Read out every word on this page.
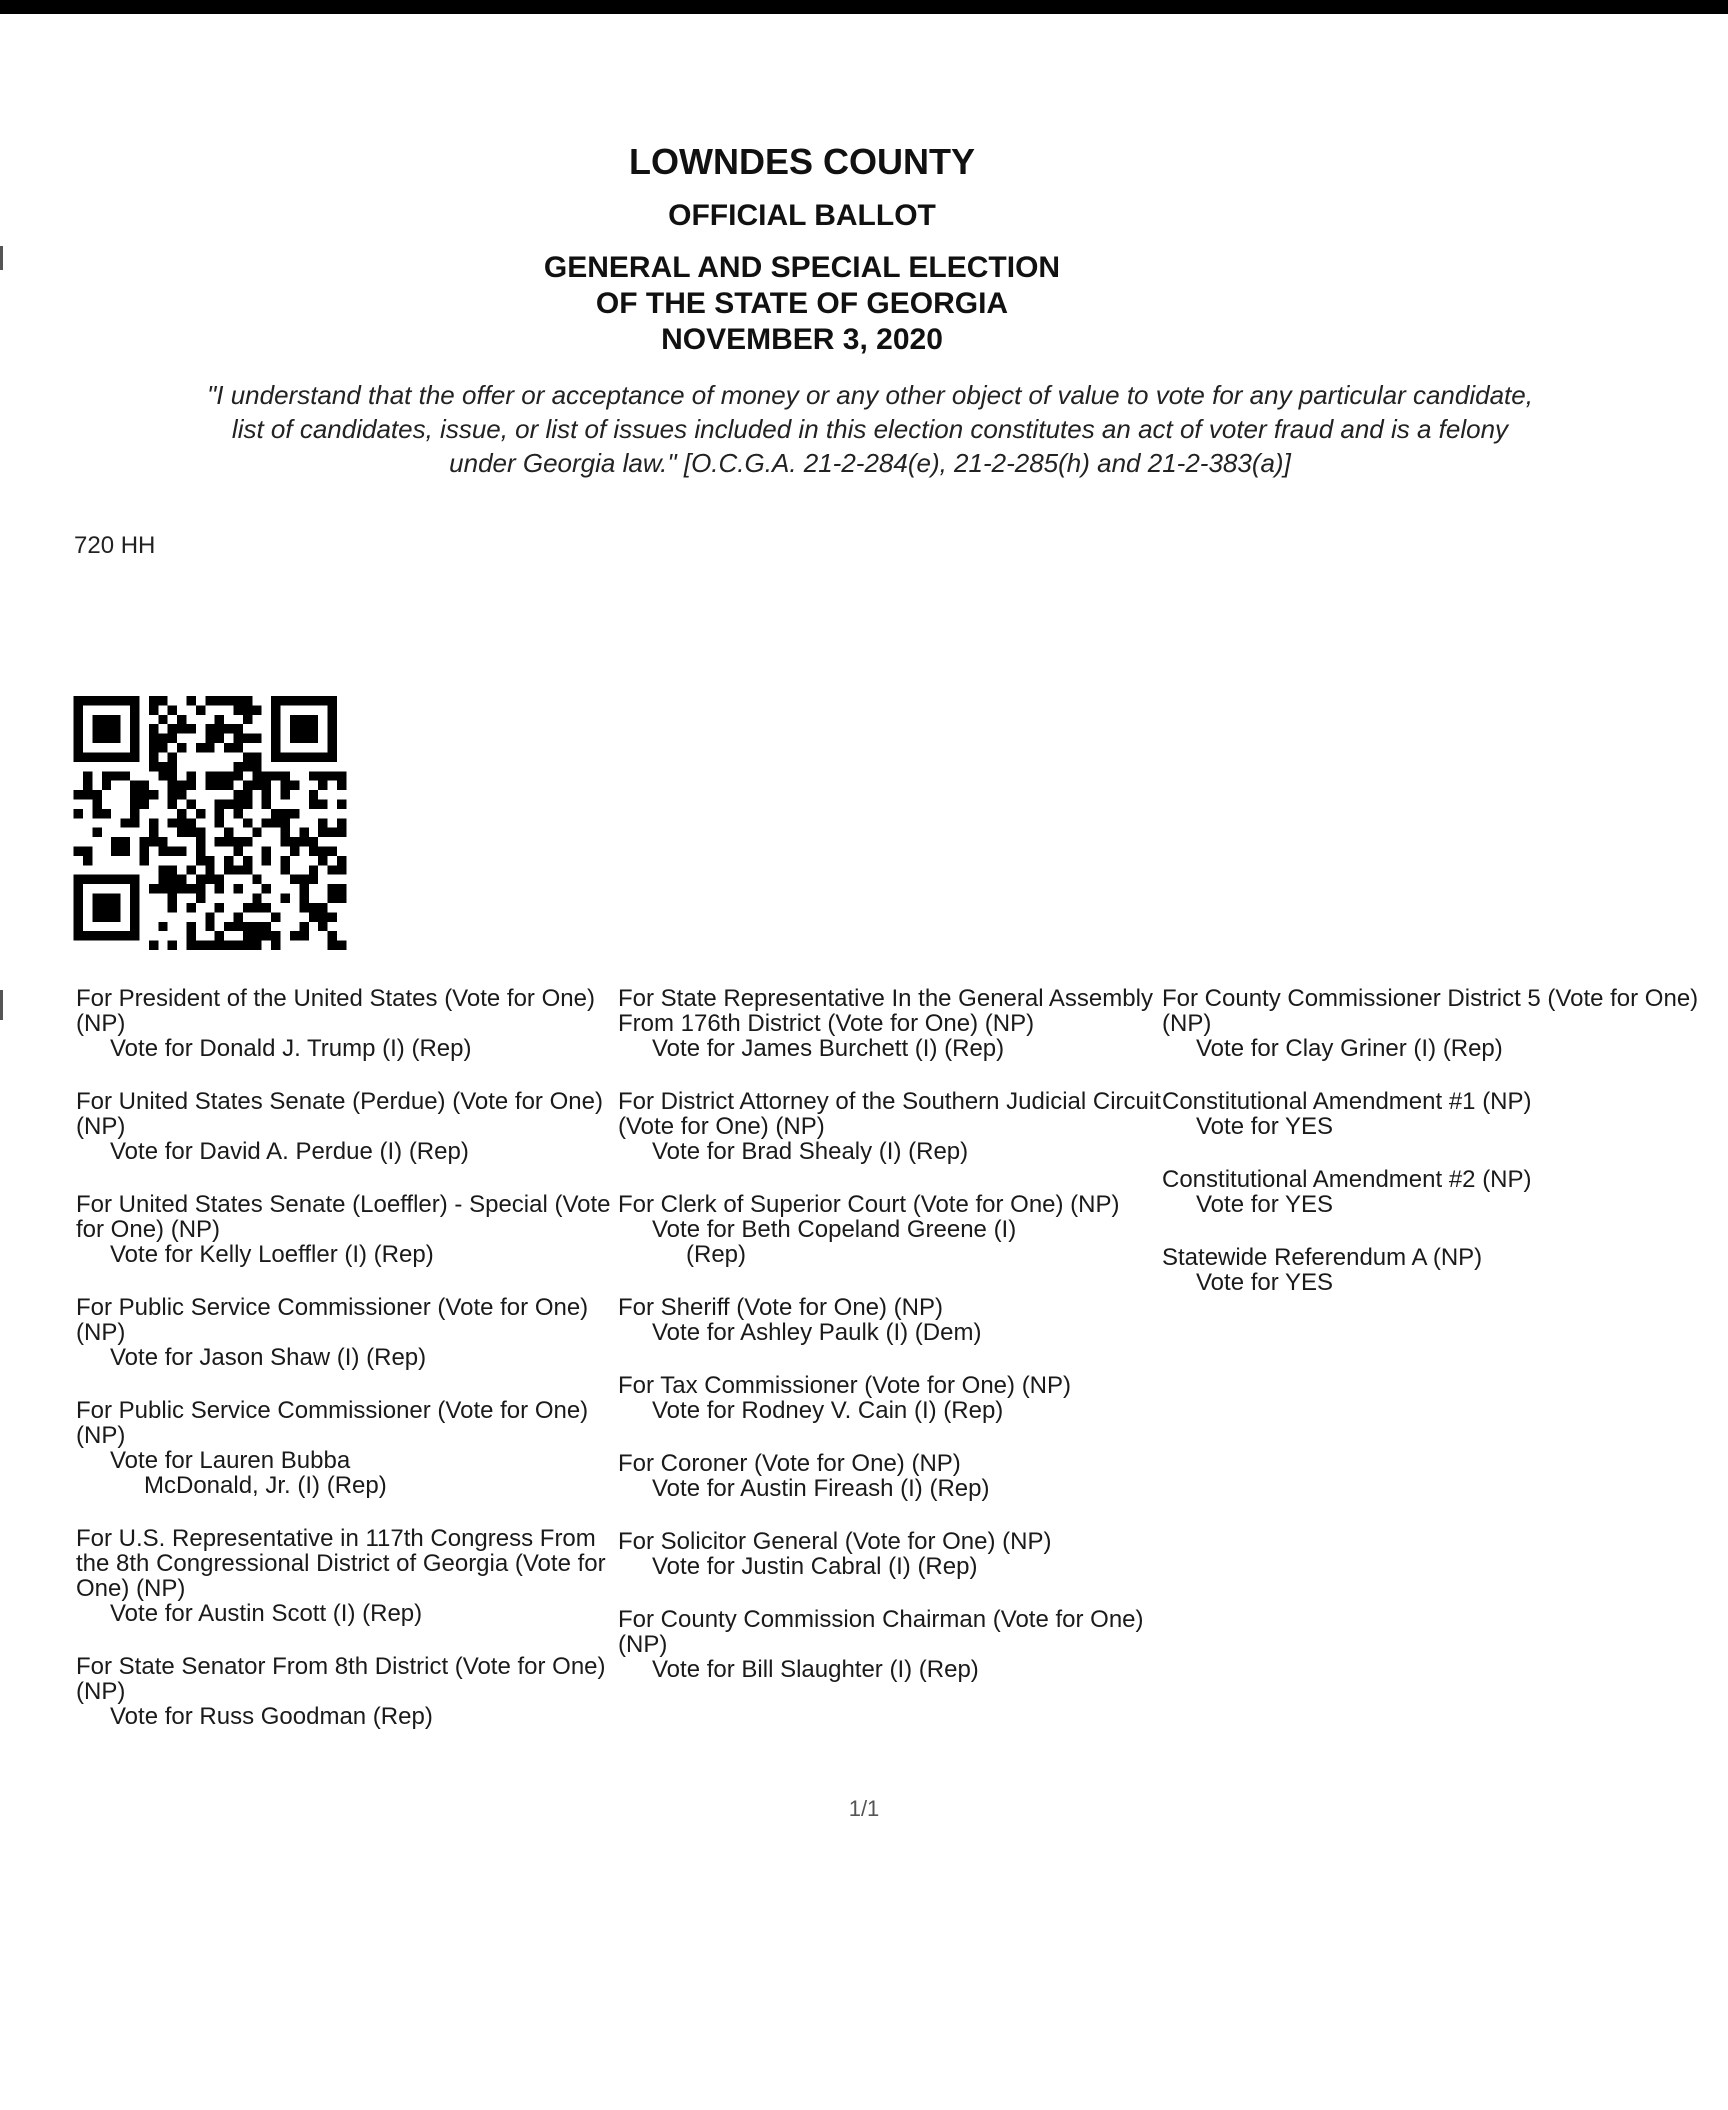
LOWNDES COUNTY
OFFICIAL BALLOT
GENERAL AND SPECIAL ELECTION
OF THE STATE OF GEORGIA
NOVEMBER 3, 2020
"I understand that the offer or acceptance of money or any other object of value to vote for any particular candidate,
list of candidates, issue, or list of issues included in this election constitutes an act of voter fraud and is a felony
under Georgia law." [O.C.G.A. 21-2-284(e), 21-2-285(h) and 21-2-383(a)]
720 HH
For President of the United States (Vote for One) (NP)
Vote for Donald J. Trump (I) (Rep)
For United States Senate (Perdue) (Vote for One) (NP)
Vote for David A. Perdue (I) (Rep)
For United States Senate (Loeffler) - Special (Vote for One) (NP)
Vote for Kelly Loeffler (I) (Rep)
For Public Service Commissioner (Vote for One) (NP)
Vote for Jason Shaw (I) (Rep)
For Public Service Commissioner (Vote for One) (NP)
Vote for Lauren Bubba
McDonald, Jr. (I) (Rep)
For U.S. Representative in 117th Congress From the 8th Congressional District of Georgia (Vote for One) (NP)
Vote for Austin Scott (I) (Rep)
For State Senator From 8th District (Vote for One) (NP)
Vote for Russ Goodman (Rep)
For State Representative In the General Assembly From 176th District (Vote for One) (NP)
Vote for James Burchett (I) (Rep)
For District Attorney of the Southern Judicial Circuit (Vote for One) (NP)
Vote for Brad Shealy (I) (Rep)
For Clerk of Superior Court (Vote for One) (NP)
Vote for Beth Copeland Greene (I)
(Rep)
For Sheriff (Vote for One) (NP)
Vote for Ashley Paulk (I) (Dem)
For Tax Commissioner (Vote for One) (NP)
Vote for Rodney V. Cain (I) (Rep)
For Coroner (Vote for One) (NP)
Vote for Austin Fireash (I) (Rep)
For Solicitor General (Vote for One) (NP)
Vote for Justin Cabral (I) (Rep)
For County Commission Chairman (Vote for One) (NP)
Vote for Bill Slaughter (I) (Rep)
For County Commissioner District 5 (Vote for One) (NP)
Vote for Clay Griner (I) (Rep)
Constitutional Amendment #1 (NP)
Vote for YES
Constitutional Amendment #2 (NP)
Vote for YES
Statewide Referendum A (NP)
Vote for YES
1/1
